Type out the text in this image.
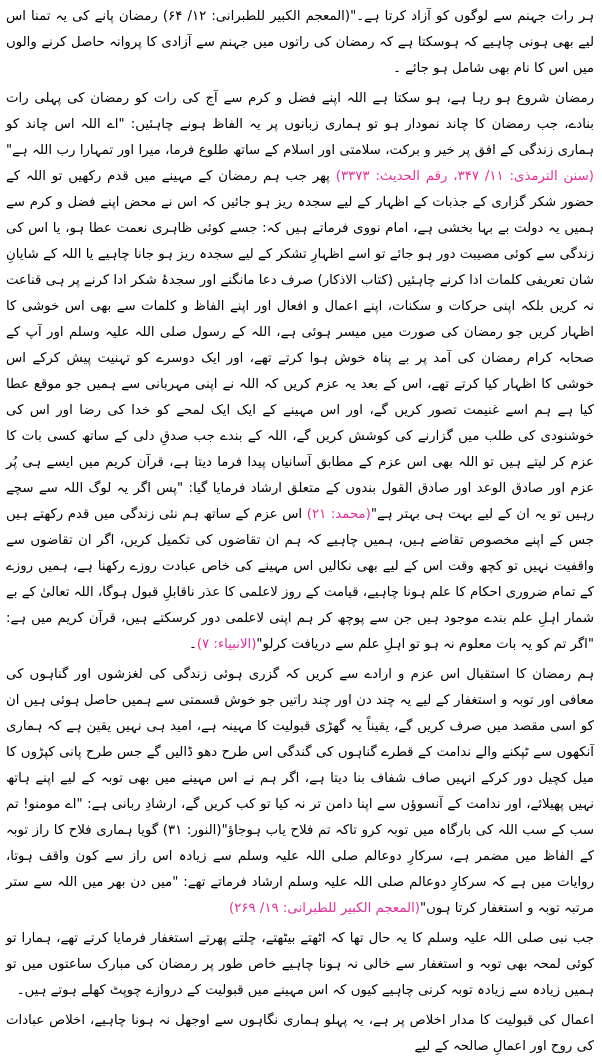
ہر رات جہنم سے لوگوں کو آزاد کرتا ہے۔"(المعجم الکبیر للطبرانی: ۱۲/ ۶۴) رمضان پانے کی یہ تمنا اس لیے بھی ہونی چاہیے کہ ہوسکتا ہے کہ رمضان کی راتوں میں جہنم سے آزادی کا پروانہ حاصل کرنے والوں میں اس کا نام بھی شامل ہو جائے ۔

رمضان شروع ہو رہا ہے، ہو سکتا ہے اللہ اپنے فضل و کرم سے آج کی رات کو رمضان کی پہلی رات بنادے، جب رمضان کا چاند نمودار ہو تو ہماری زبانوں پر یہ الفاظ ہونے چاہئیں: "اے اللہ اس چاند کو ہماری زندگی کے افق پر خیر و برکت، سلامتی اور اسلام کے ساتھ طلوع فرما، میرا اور تمہارا رب اللہ ہے"(سنن الترمذی: ۱۱/ ۳۴۷، رقم الحدیث: ۳۳۷۳) پھر جب ہم رمضان کے مہینے میں قدم رکھیں تو اللہ کے حضور شکر گزاری کے جذبات کے اظہار کے لیے سجدہ ریز ہو جائیں کہ اس نے محض اپنے فضل و کرم سے ہمیں یہ دولت بے بہا بخشی ہے، امام نووی فرماتے ہیں کہ: جسے کوئی ظاہری نعمت عطا ہو، یا اس کی زندگی سے کوئی مصیبت دور ہو جائے تو اسے اظہارِ تشکر کے لیے سجدہ ریز ہو جانا چاہیے یا اللہ کے شایانِ شان تعریفی کلمات ادا کرنے چاہئیں (کتاب الاذکار) صرف دعا مانگنے اور سجدۂ شکر ادا کرنے پر ہی قناعت نہ کریں بلکہ اپنی حرکات و سکنات، اپنے اعمال و افعال اور اپنے الفاظ و کلمات سے بھی اس خوشی کا اظہار کریں جو رمضان کی صورت میں میسر ہوئی ہے، اللہ کے رسول صلی اللہ علیہ وسلم اور آپ کے صحابہ کرام رمضان کی آمد پر بے پناہ خوش ہوا کرتے تھے، اور ایک دوسرے کو تہنیت پیش کرکے اس خوشی کا اظہار کیا کرتے تھے، اس کے بعد یہ عزم کریں کہ اللہ نے اپنی مہربانی سے ہمیں جو موقع عطا کیا ہے ہم اسے غنیمت تصور کریں گے، اور اس مہینے کے ایک ایک لمحے کو خدا کی رضا اور اس کی خوشنودی کی طلب میں گزارنے کی کوشش کریں گے، اللہ کے بندے جب صدقِ دلی کے ساتھ کسی بات کا عزم کر لیتے ہیں تو اللہ بھی اس عزم کے مطابق آسانیاں پیدا فرما دیتا ہے، قرآن کریم میں ایسے ہی پُر عزم اور صادق الوعد اور صادق القول بندوں کے متعلق ارشاد فرمایا گیا: "پس اگر یہ لوگ اللہ سے سچے رہیں تو یہ ان کے لیے بہت ہی بہتر ہے"(محمد: ۲۱) اس عزم کے ساتھ ہم نئی زندگی میں قدم رکھتے ہیں جس کے اپنے مخصوص تقاضے ہیں، ہمیں چاہیے کہ ہم ان تقاضوں کی تکمیل کریں، اگر ان تقاضوں سے واقفیت نہیں تو کچھ وقت اس کے لیے بھی نکالیں اس مہینے کی خاص عبادت روزے رکھنا ہے، ہمیں روزے کے تمام ضروری احکام کا علم ہونا چاہیے، قیامت کے روز لاعلمی کا عذر ناقابلِ قبول ہوگا، اللہ تعالیٰ کے بے شمار اہلِ علم بندے موجود ہیں جن سے پوچھ کر ہم اپنی لاعلمی دور کرسکتے ہیں، قرآن کریم میں ہے: "اگر تم کو یہ بات معلوم نہ ہو تو اہلِ علم سے دریافت کرلو"(الانبیاء: ۷)۔

ہم رمضان کا استقبال اس عزم و ارادے سے کریں کہ گزری ہوئی زندگی کی لغزشوں اور گناہوں کی معافی اور توبہ و استغفار کے لیے یہ چند دن اور چند راتیں جو خوش قسمتی سے ہمیں حاصل ہوئی ہیں ان کو اسی مقصد میں صرف کریں گے، یقیناً یہ گھڑی قبولیت کا مہینہ ہے، امید ہی نہیں یقین ہے کہ ہماری آنکھوں سے ٹپکنے والے ندامت کے قطرے گناہوں کی گندگی اس طرح دھو ڈالیں گے جس طرح پانی کپڑوں کا میل کچیل دور کرکے انہیں صاف شفاف بنا دیتا ہے، اگر ہم نے اس مہینے میں بھی توبہ کے لیے اپنے ہاتھ نہیں پھیلائے، اور ندامت کے آنسوؤں سے اپنا دامن تر نہ کیا تو کب کریں گے، ارشادِ ربانی ہے: "اے مومنو! تم سب کے سب اللہ کی بارگاہ میں توبہ کرو تاکہ تم فلاح یاب ہوجاؤ"(النور: ۳۱) گویا ہماری فلاح کا راز توبہ کے الفاظ میں مضمر ہے، سرکارِ دوعالم صلی اللہ علیہ وسلم سے زیادہ اس راز سے کون واقف ہوتا، روایات میں ہے کہ سرکارِ دوعالم صلی اللہ علیہ وسلم ارشاد فرماتے تھے: "میں دن بھر میں اللہ سے ستر مرتبہ توبہ و استغفار کرتا ہوں"(المعجم الکبیر للطبرانی: ۱۹/ ۲۶۹)

جب نبی صلی اللہ علیہ وسلم کا یہ حال تھا کہ اٹھتے بیٹھتے، چلتے پھرتے استغفار فرمایا کرتے تھے، ہمارا تو کوئی لمحہ بھی توبہ و استغفار سے خالی نہ ہونا چاہیے خاص طور پر رمضان کی مبارک ساعتوں میں تو ہمیں زیادہ سے زیادہ توبہ کرنی چاہیے کیوں کہ اس مہینے میں قبولیت کے دروازے چوپٹ کھلے ہوتے ہیں۔

اعمال کی قبولیت کا مدار اخلاص پر ہے، یہ پہلو ہماری نگاہوں سے اوجھل نہ ہونا چاہیے، اخلاص عبادات کی روح اور اعمالِ صالحہ کے لیے
